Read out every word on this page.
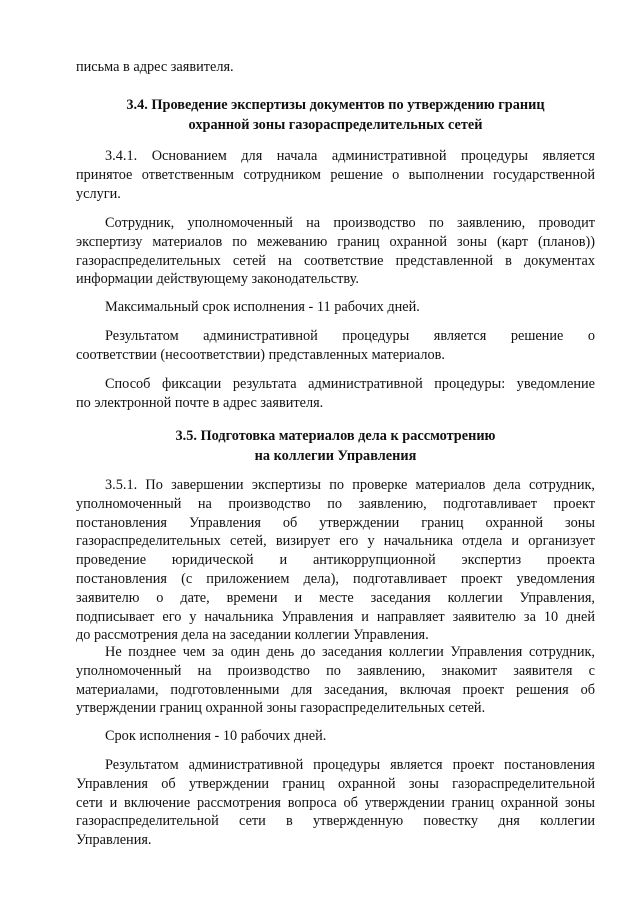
письма в адрес заявителя.
3.4. Проведение экспертизы документов по утверждению границ
охранной зоны газораспределительных сетей

3.4.1. Основанием для начала административной процедуры является
принятое ответственным сотрудником решение о выполнении государственной
услуги.

Сотрудник, уполномоченный на производство по заявлению, проводит
экспертизу материалов по межеванию границ охранной зоны (карт (планов))
газораспределительных сетей на соответствие представленной в документах
информации действующему законодательству.

Максимальный срок исполнения - 11 рабочих дней.

Результатом административной процедуры является решение о
соответствии (несоответствии) представленных материалов.

Способ фиксации результата административной процедуры: уведомление
по электронной почте в адрес заявителя.

3.5. Подготовка материалов дела к рассмотрению
на коллегии Управления

3.5.1. По завершении экспертизы по проверке материалов дела сотрудник,
уполномоченный на производство по заявлению, подготавливает проект
постановления Управления об утверждении границ охранной зоны
газораспределительных сетей, визирует его у начальника отдела и организует
проведение юридической и антикоррупционной экспертиз проекта
постановления (с приложением дела), подготавливает проект уведомления
заявителю о дате, времени и месте заседания коллегии Управления,
подписывает его у начальника Управления и направляет заявителю за 10 дней
до рассмотрения дела на заседании коллегии Управления.

Не позднее чем за один день до заседания коллегии Управления сотрудник,
уполномоченный на производство по заявлению, знакомит заявителя с
материалами, подготовленными для заседания, включая проект решения об
утверждении границ охранной зоны газораспределительных сетей.

Срок исполнения - 10 рабочих дней.

Результатом административной процедуры является проект постановления
Управления об утверждении границ охранной зоны газораспределительной
сети и включение рассмотрения вопроса об утверждении границ охранной зоны
газораспределительной сети в утвержденную повестку дня коллегии
Управления.
